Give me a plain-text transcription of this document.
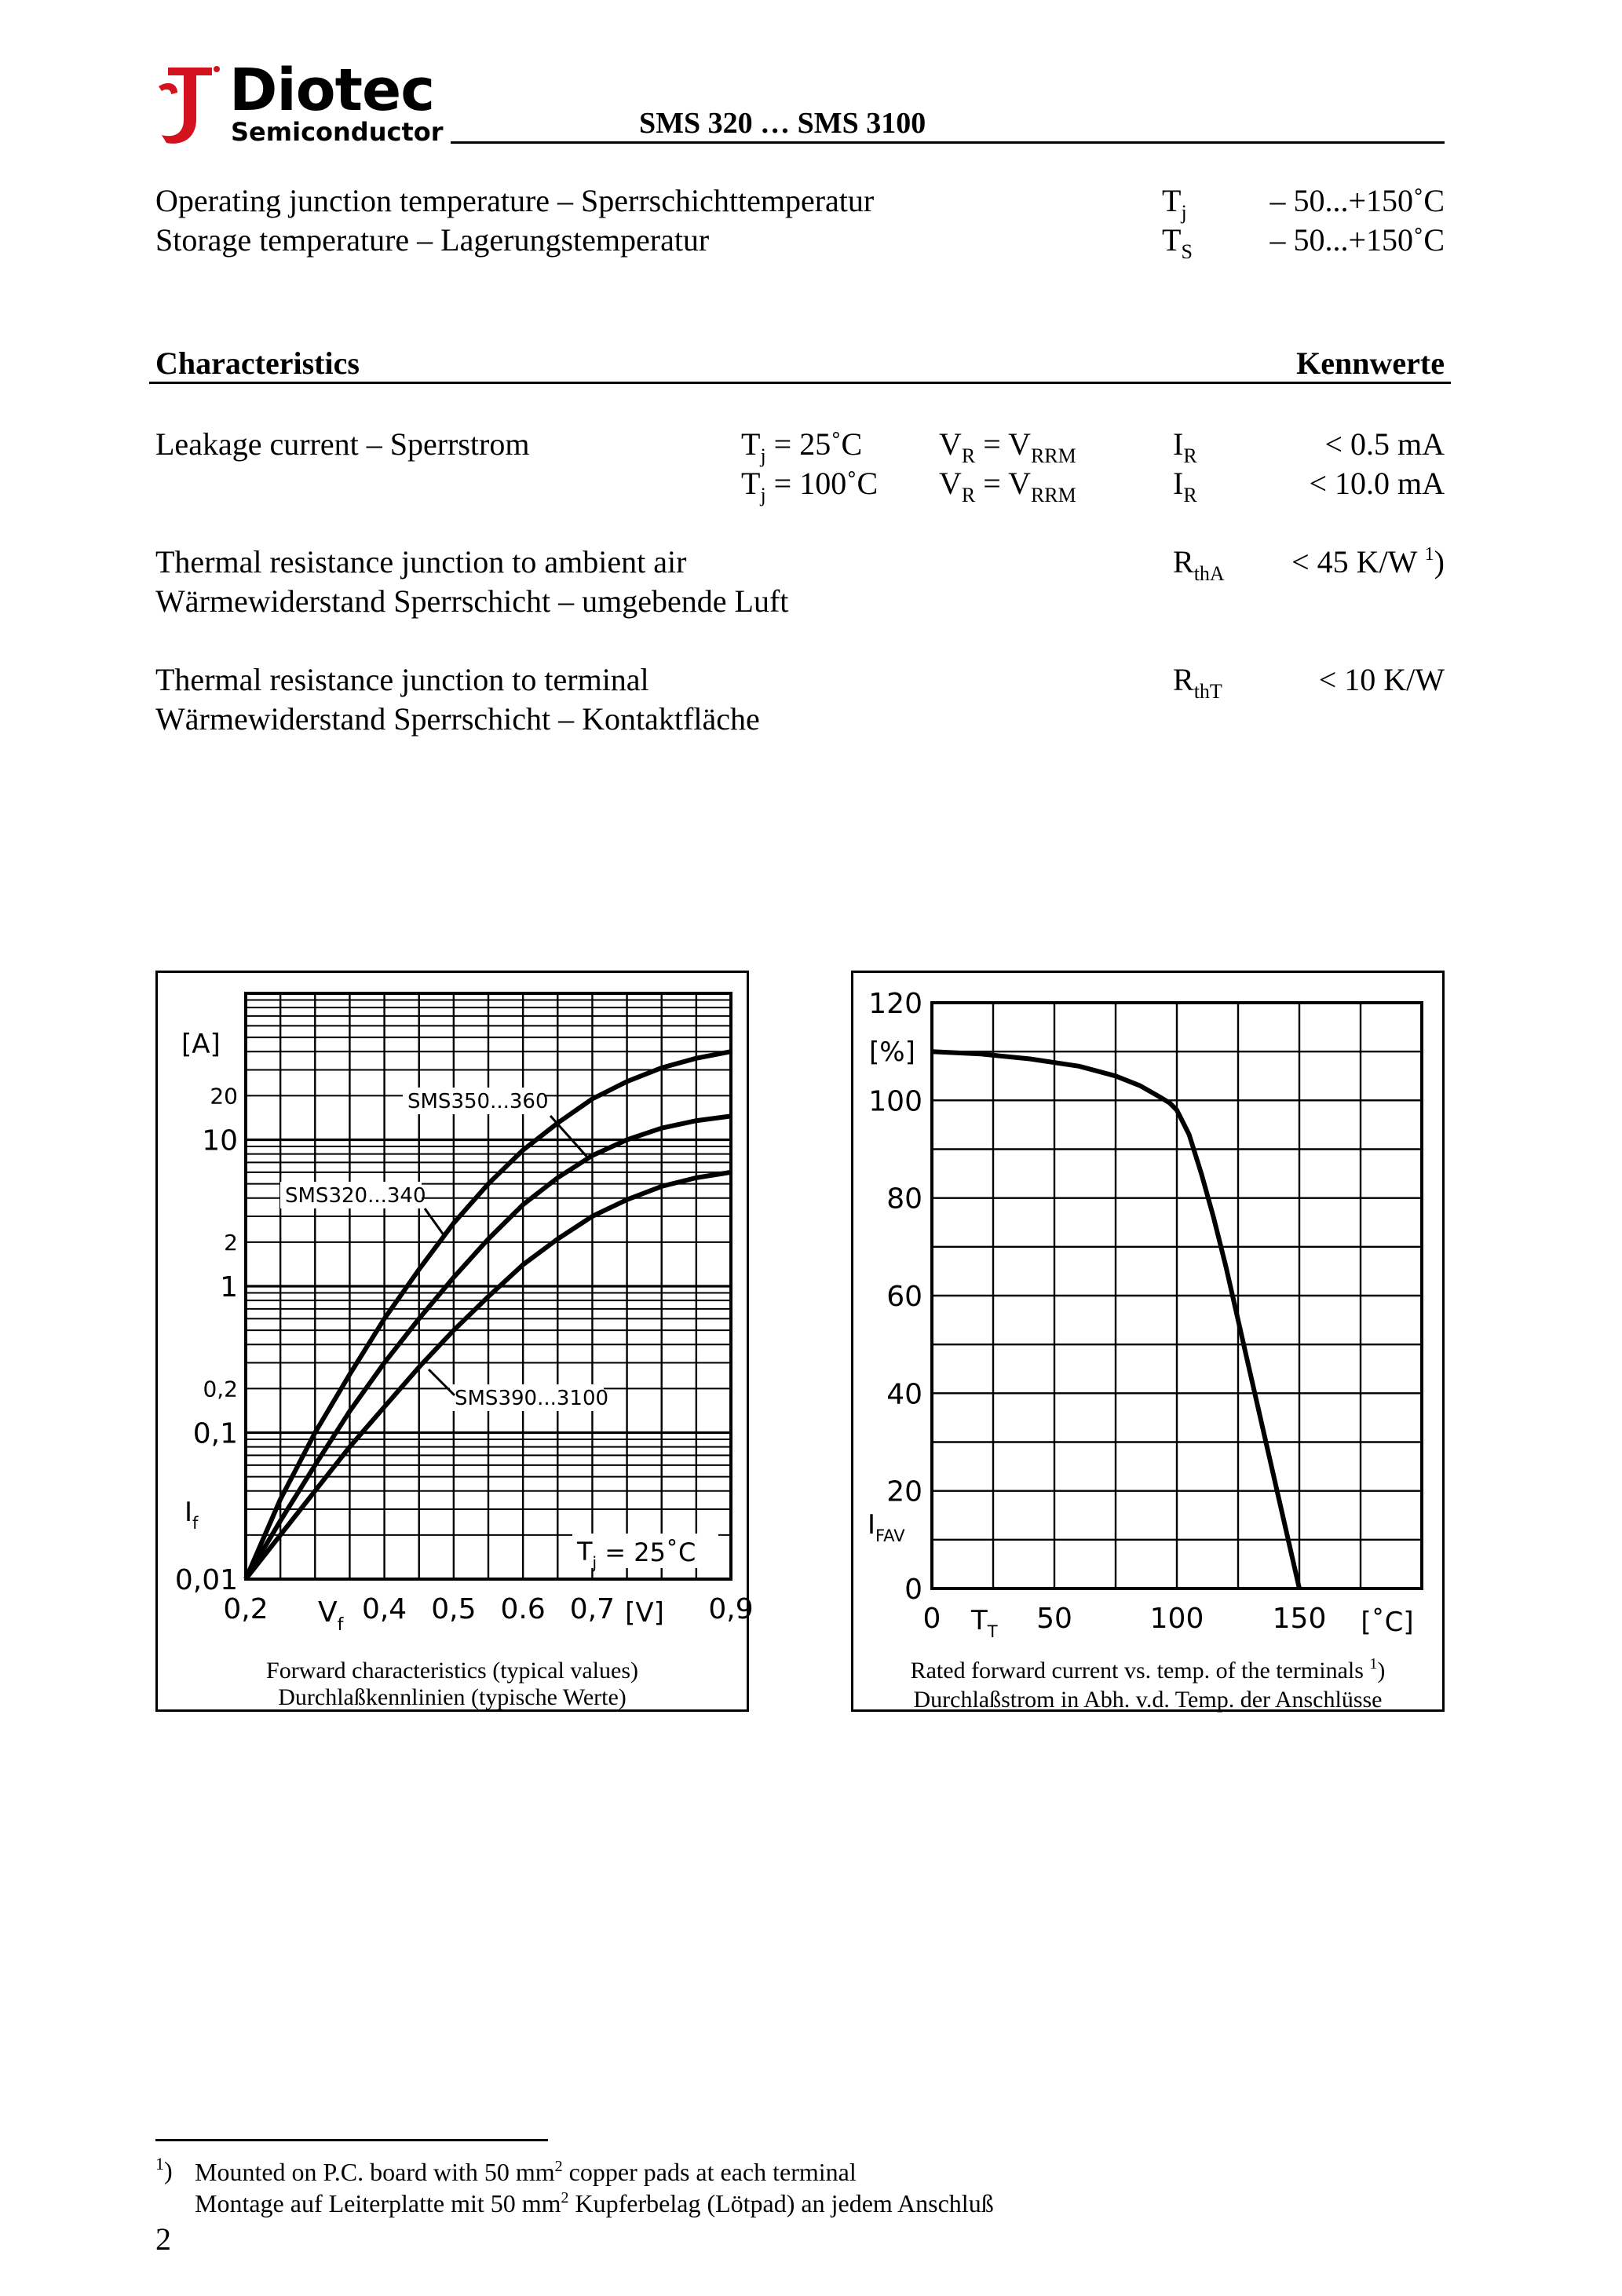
Diotec
Semiconductor	SMS 320 … SMS 3100
Operating junction temperature – Sperrschichttemperatur	$T_j$	– 50...+150˚C
Storage temperature – Lagerungstemperatur	$T_S$ – 50...+150˚C
Characteristics	Kennwerte
Leakage current – Sperrstrom	$T_j$ = 25˚C $V_R = V_{RRM}$	$I_R$	< 0.5 mA
$T_j$ = 100˚C $V_R = V_{RRM}$	$I_R$	< 10.0 mA
Thermal resistance junction to ambient air
Wärmewiderstand Sperrschicht – umgebende Luft
$R_{thA} < 45$ K/W $^1$)
Thermal resistance junction to terminal
Wärmewiderstand Sperrschicht – Kontaktfläche
$R_{thT}$	< 10 K/W
0,01
0,1
0,2
1
2
10
20
0,2	0,4 0,5 0.6 0,7	0,9
[A]
$I_f$
$V_f$	[V]
SMS350...360
SMS320...340
SMS390...3100
$T_j$ = 25˚C
Forward characteristics (typical values)
Durchlaßkennlinien (typische Werte)
0
20
40
60
80
100
120
0	50	100 150
[%]
$I_{FAV}$
$T_T$	[˚C]
Rated forward current vs. temp. of the terminals $^1$)
Durchlaßstrom in Abh. v.d. Temp. der Anschlüsse
$^1$) Mounted on P.C. board with 50 $mm^2$ copper pads at each terminal
Montage auf Leiterplatte mit 50 $mm^2$ Kupferbelag (Lötpad) an jedem Anschluß
2
